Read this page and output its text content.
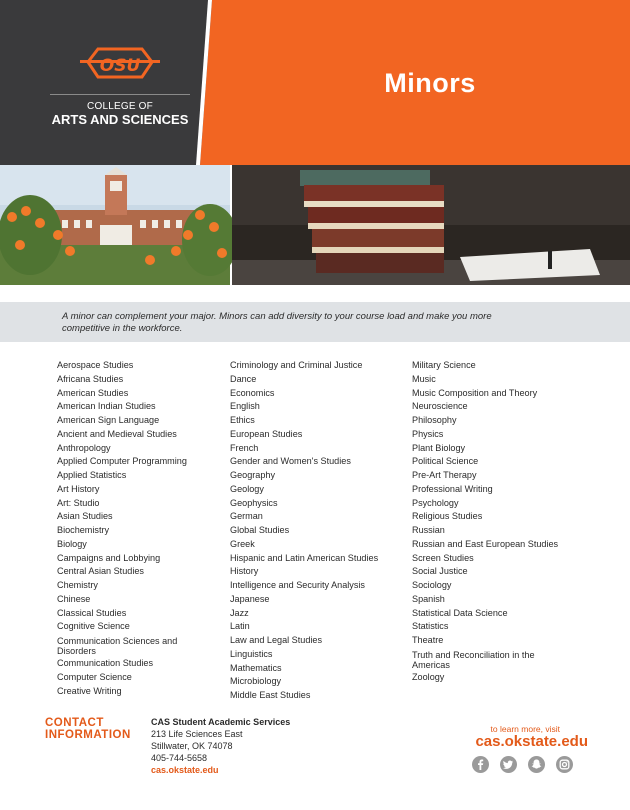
OSU
COLLEGE OF
ARTS AND SCIENCES
Minors

A minor can complement your major. Minors can add diversity to your course load and make you more competitive in the workforce.

Aerospace Studies
Africana Studies
American Studies
American Indian Studies
American Sign Language
Ancient and Medieval Studies
Anthropology
Applied Computer Programming
Applied Statistics
Art History
Art: Studio
Asian Studies
Biochemistry
Biology
Campaigns and Lobbying
Central Asian Studies
Chemistry
Chinese
Classical Studies
Cognitive Science
Communication Sciences and Disorders
Communication Studies
Computer Science
Creative Writing
Criminology and Criminal Justice
Dance
Economics
English
Ethics
European Studies
French
Gender and Women's Studies
Geography
Geology
Geophysics
German
Global Studies
Greek
Hispanic and Latin American Studies
History
Intelligence and Security Analysis
Japanese
Jazz
Latin
Law and Legal Studies
Linguistics
Mathematics
Microbiology
Middle East Studies
Military Science
Music
Music Composition and Theory
Neuroscience
Philosophy
Physics
Plant Biology
Political Science
Pre-Art Therapy
Professional Writing
Psychology
Religious Studies
Russian
Russian and East European Studies
Screen Studies
Social Justice
Sociology
Spanish
Statistical Data Science
Statistics
Theatre
Truth and Reconciliation in the Americas
Zoology
CONTACT
INFORMATION
CAS Student Academic Services
213 Life Sciences East
Stillwater, OK 74078
405-744-5658
cas.okstate.edu
to learn more, visit
cas.okstate.edu
